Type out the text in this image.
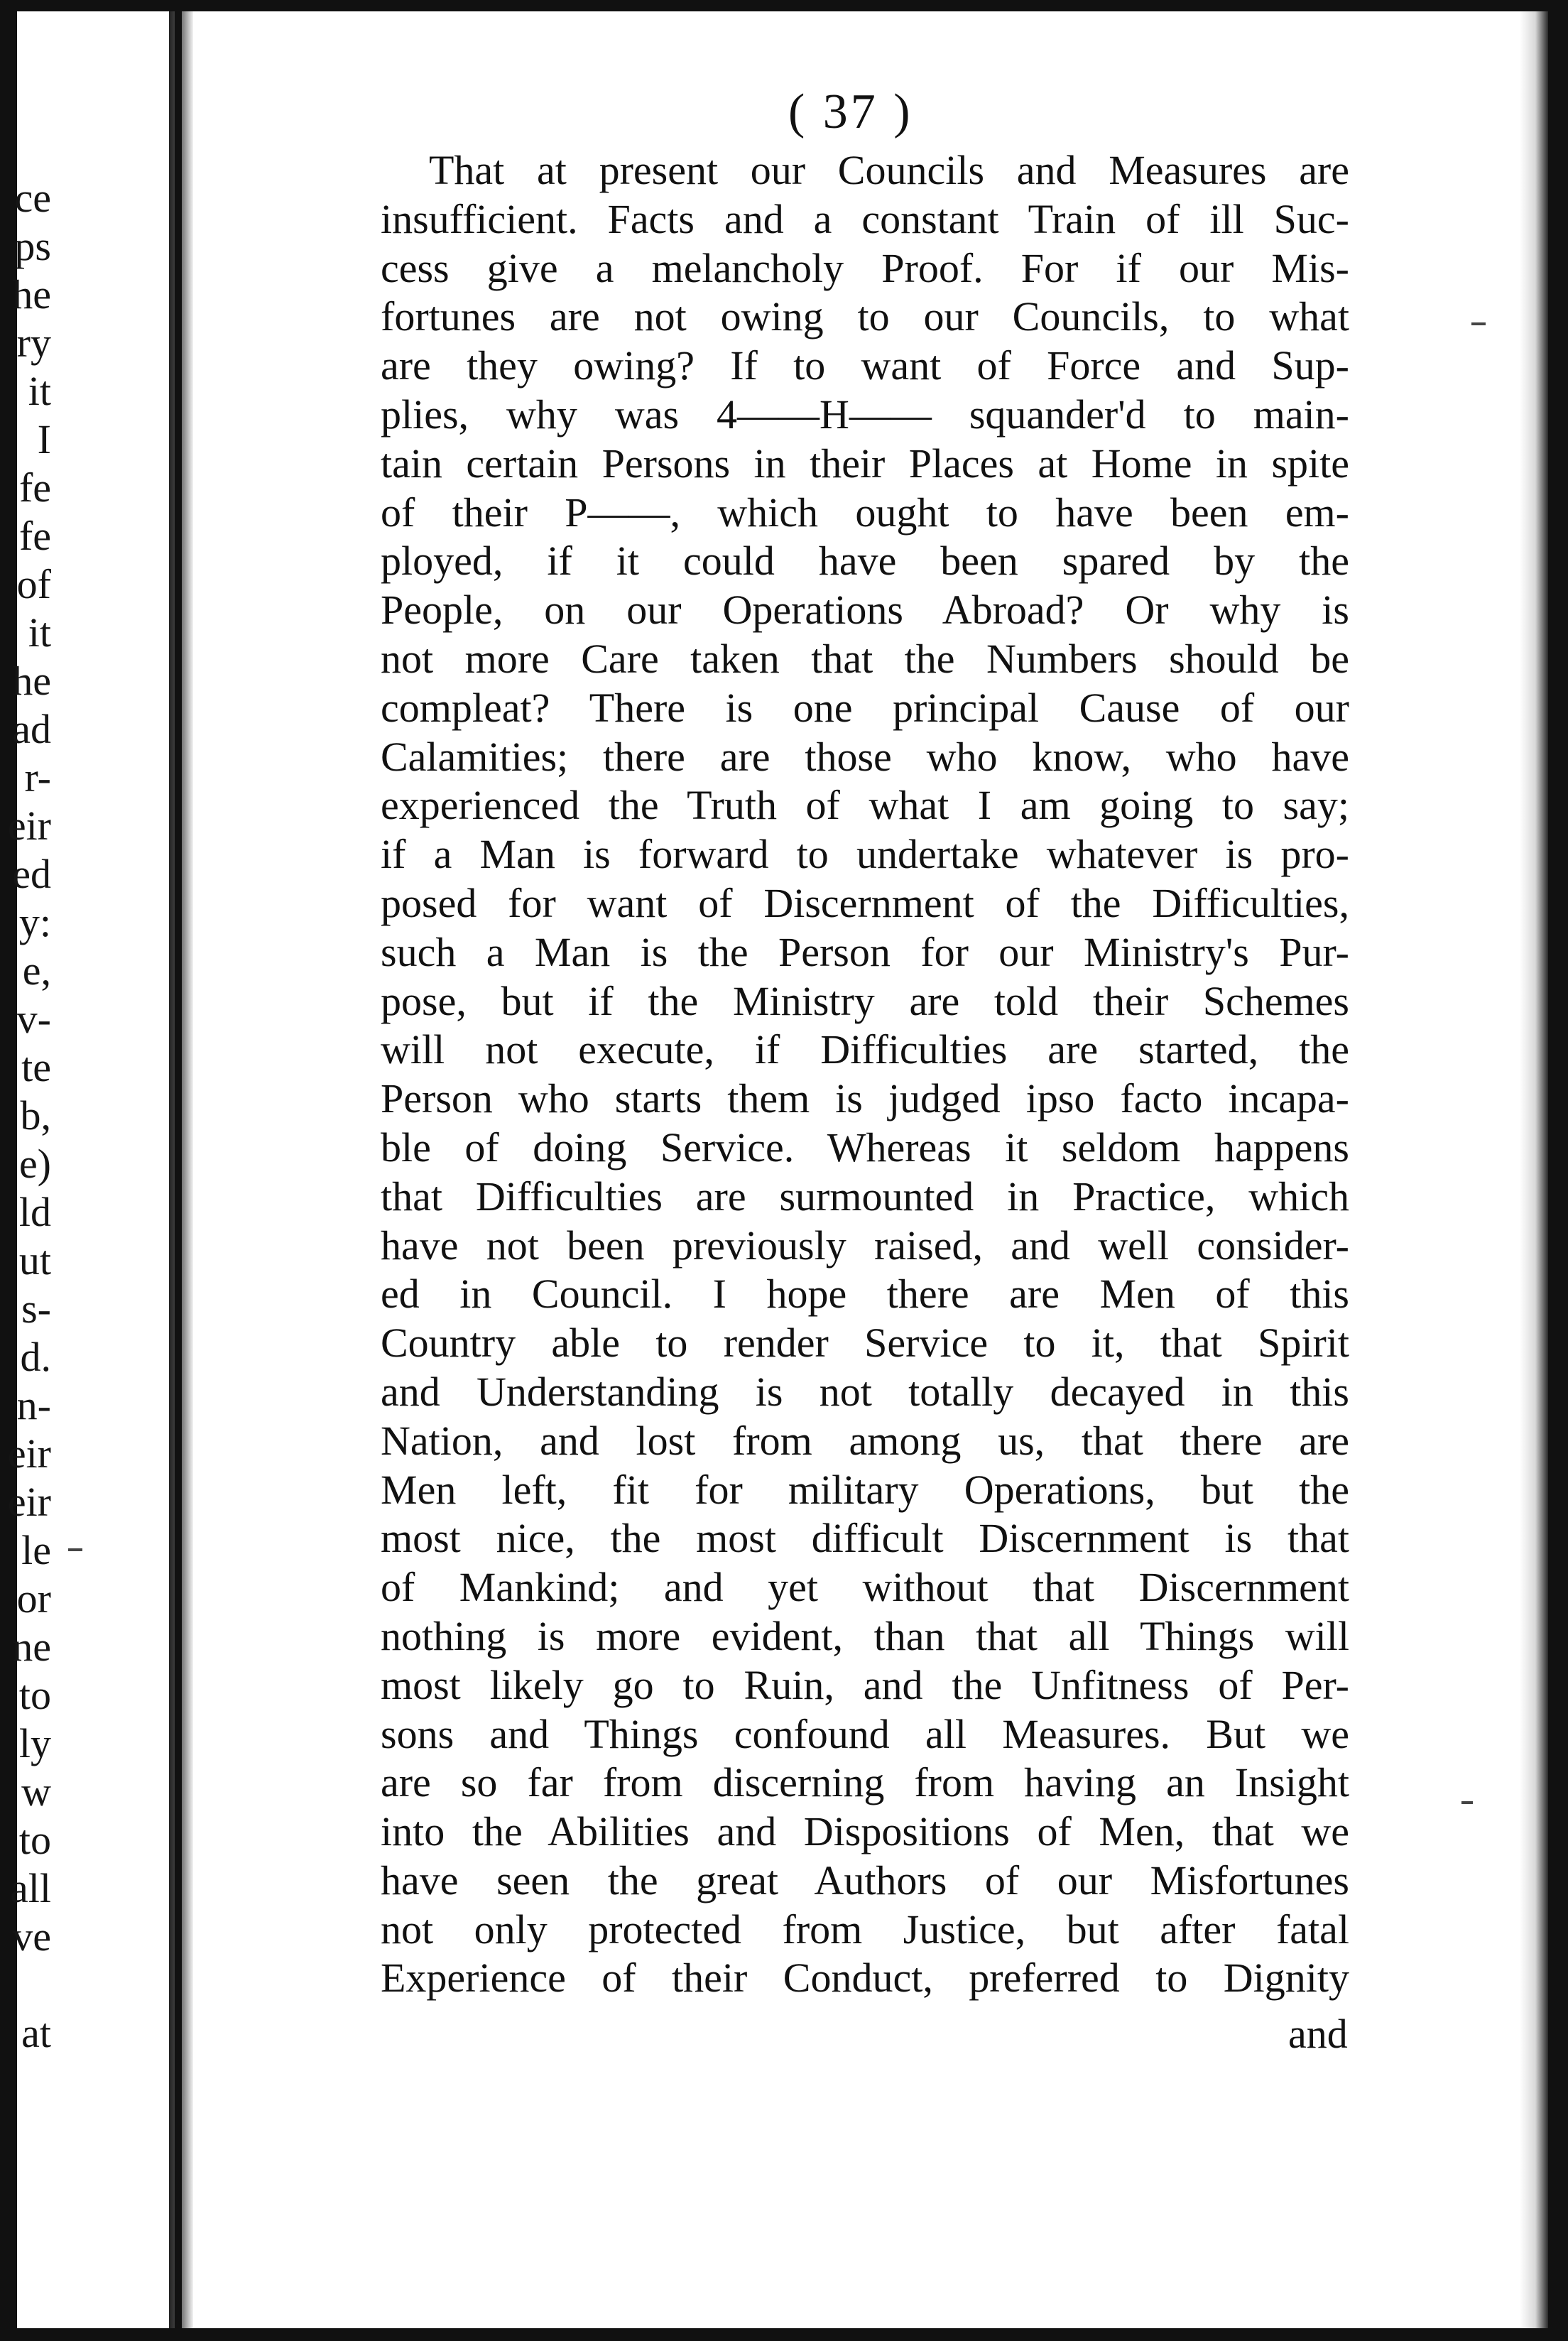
ce
ps
he
ry
it
I
fe
fe
of
it
he
ad
r-
eir
ed
y:
e,
v-
te
b,
e)
ld
ut
s-
d.
n-
eir
eir
le
or
ne
to
ly
w
to
all
ve
at
( 37 )
That at present our Councils and Measures are
insufficient. Facts and a constant Train of ill Suc-
cess give a melancholy Proof. For if our Mis-
fortunes are not owing to our Councils, to what
are they owing? If to want of Force and Sup-
plies, why was 4——H—— squander'd to main-
tain certain Persons in their Places at Home in spite
of their P——, which ought to have been em-
ployed, if it could have been spared by the
People, on our Operations Abroad? Or why is
not more Care taken that the Numbers should be
compleat? There is one principal Cause of our
Calamities; there are those who know, who have
experienced the Truth of what I am going to say;
if a Man is forward to undertake whatever is pro-
posed for want of Discernment of the Difficulties,
such a Man is the Person for our Ministry's Pur-
pose, but if the Ministry are told their Schemes
will not execute, if Difficulties are started, the
Person who starts them is judged ipso facto incapa-
ble of doing Service. Whereas it seldom happens
that Difficulties are surmounted in Practice, which
have not been previously raised, and well consider-
ed in Council. I hope there are Men of this
Country able to render Service to it, that Spirit
and Understanding is not totally decayed in this
Nation, and lost from among us, that there are
Men left, fit for military Operations, but the
most nice, the most difficult Discernment is that
of Mankind; and yet without that Discernment
nothing is more evident, than that all Things will
most likely go to Ruin, and the Unfitness of Per-
sons and Things confound all Measures. But we
are so far from discerning from having an Insight
into the Abilities and Dispositions of Men, that we
have seen the great Authors of our Misfortunes
not only protected from Justice, but after fatal
Experience of their Conduct, preferred to Dignity
and
